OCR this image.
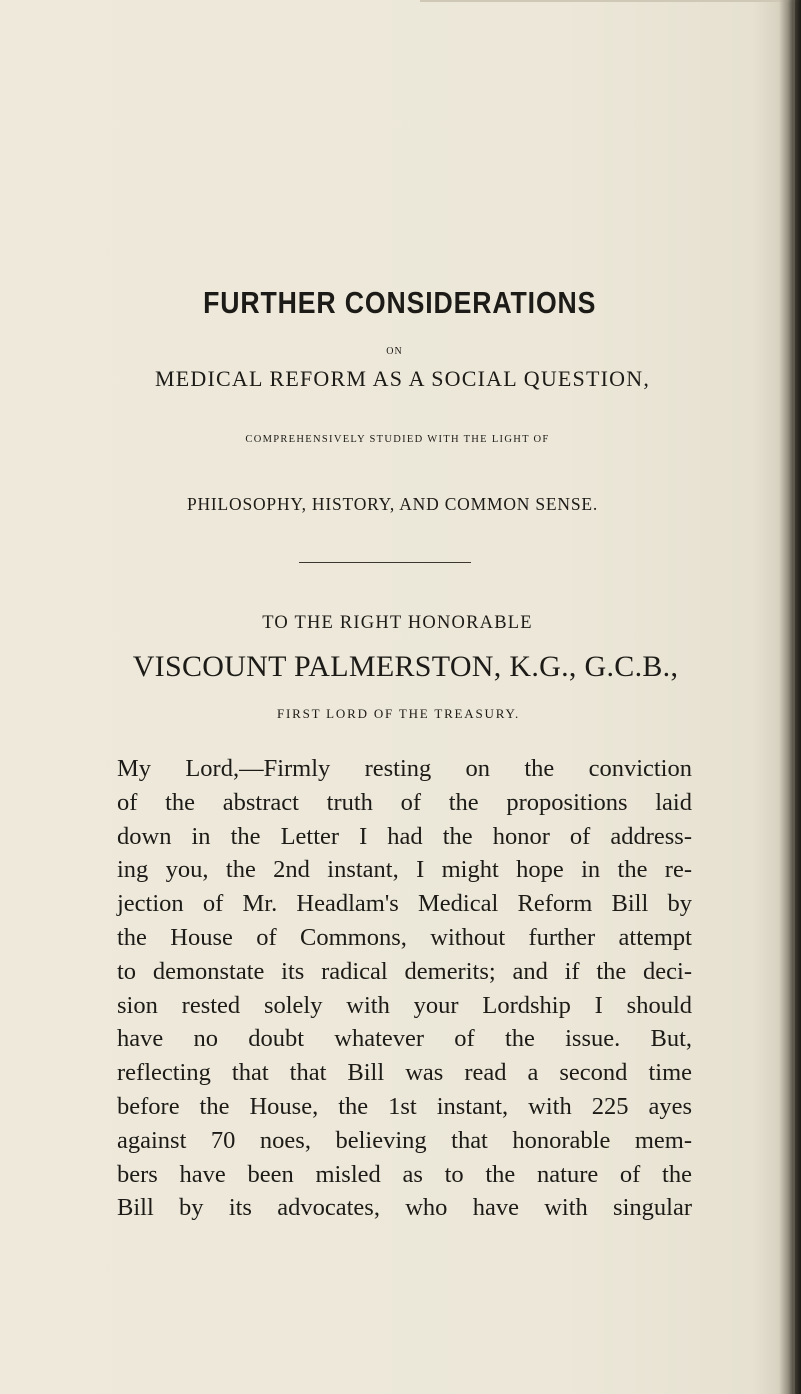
FURTHER CONSIDERATIONS
ON
MEDICAL REFORM AS A SOCIAL QUESTION,
COMPREHENSIVELY STUDIED WITH THE LIGHT OF
PHILOSOPHY, HISTORY, AND COMMON SENSE.
TO THE RIGHT HONORABLE
VISCOUNT PALMERSTON, K.G., G.C.B.,
FIRST LORD OF THE TREASURY.
My Lord,—Firmly resting on the conviction
of the abstract truth of the propositions laid
down in the Letter I had the honor of address-
ing you, the 2nd instant, I might hope in the re-
jection of Mr. Headlam's Medical Reform Bill by
the House of Commons, without further attempt
to demonstate its radical demerits; and if the deci-
sion rested solely with your Lordship I should
have no doubt whatever of the issue. But,
reflecting that that Bill was read a second time
before the House, the 1st instant, with 225 ayes
against 70 noes, believing that honorable mem-
bers have been misled as to the nature of the
Bill by its advocates, who have with singular
